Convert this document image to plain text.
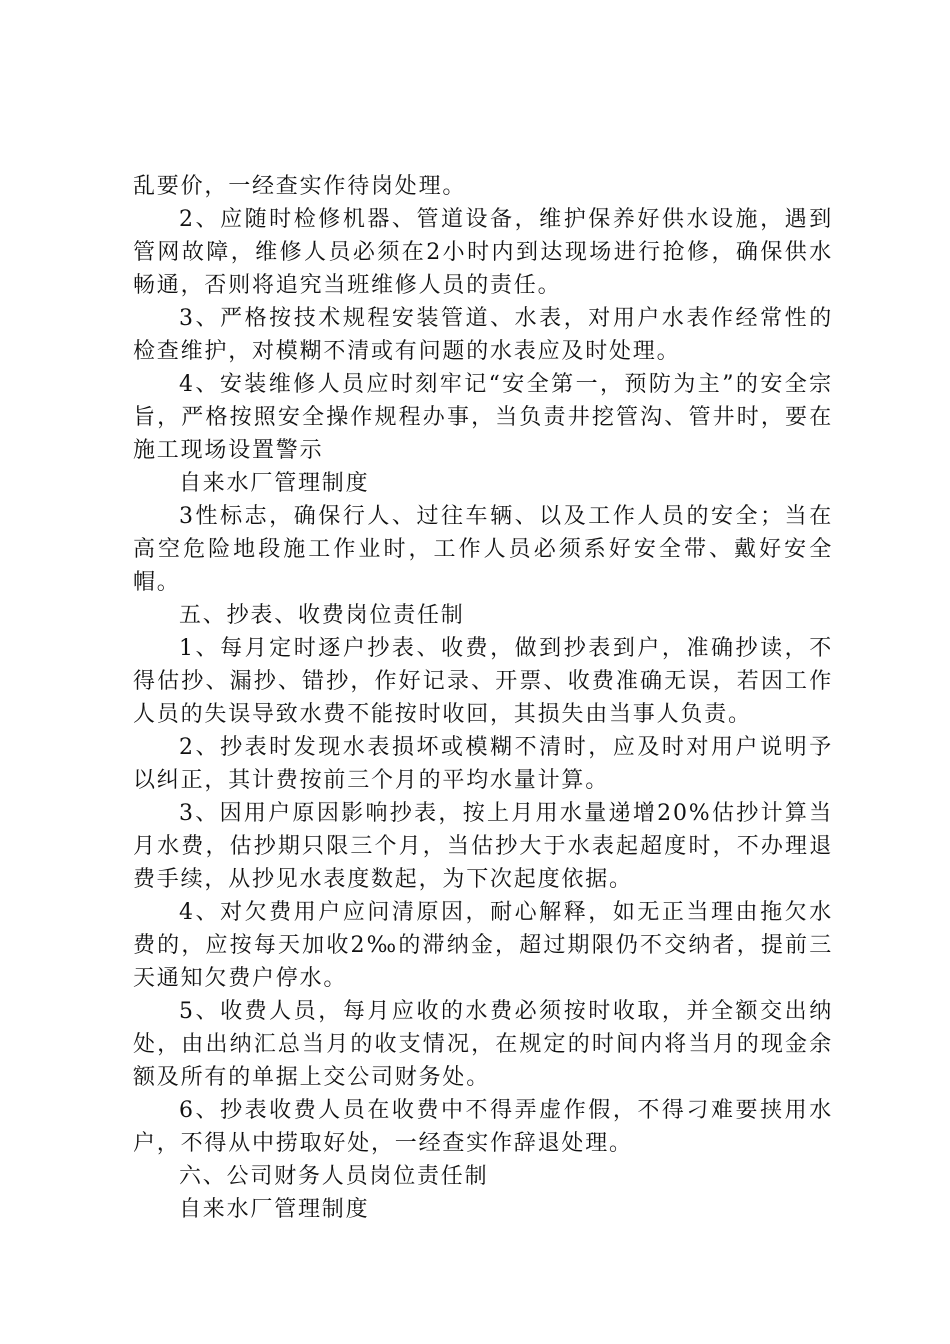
乱要价，一经查实作待岗处理。

2、应随时检修机器、管道设备，维护保养好供水设施，遇到管网故障，维修人员必须在2小时内到达现场进行抢修，确保供水畅通，否则将追究当班维修人员的责任。

3、严格按技术规程安装管道、水表，对用户水表作经常性的检查维护，对模糊不清或有问题的水表应及时处理。

4、安装维修人员应时刻牢记“安全第一，预防为主”的安全宗旨，严格按照安全操作规程办事，当负责井挖管沟、管井时，要在施工现场设置警示

自来水厂管理制度

3性标志，确保行人、过往车辆、以及工作人员的安全；当在高空危险地段施工作业时，工作人员必须系好安全带、戴好安全帽。

五、抄表、收费岗位责任制

1、每月定时逐户抄表、收费，做到抄表到户，准确抄读，不得估抄、漏抄、错抄，作好记录、开票、收费准确无误，若因工作人员的失误导致水费不能按时收回，其损失由当事人负责。

2、抄表时发现水表损坏或模糊不清时，应及时对用户说明予以纠正，其计费按前三个月的平均水量计算。

3、因用户原因影响抄表，按上月用水量递增20%估抄计算当月水费，估抄期只限三个月，当估抄大于水表起超度时，不办理退费手续，从抄见水表度数起，为下次起度依据。

4、对欠费用户应问清原因，耐心解释，如无正当理由拖欠水费的，应按每天加收2‰的滞纳金，超过期限仍不交纳者，提前三天通知欠费户停水。

5、收费人员，每月应收的水费必须按时收取，并全额交出纳处，由出纳汇总当月的收支情况，在规定的时间内将当月的现金余额及所有的单据上交公司财务处。

6、抄表收费人员在收费中不得弄虚作假，不得刁难要挟用水户，不得从中捞取好处，一经查实作辞退处理。

六、公司财务人员岗位责任制

自来水厂管理制度
